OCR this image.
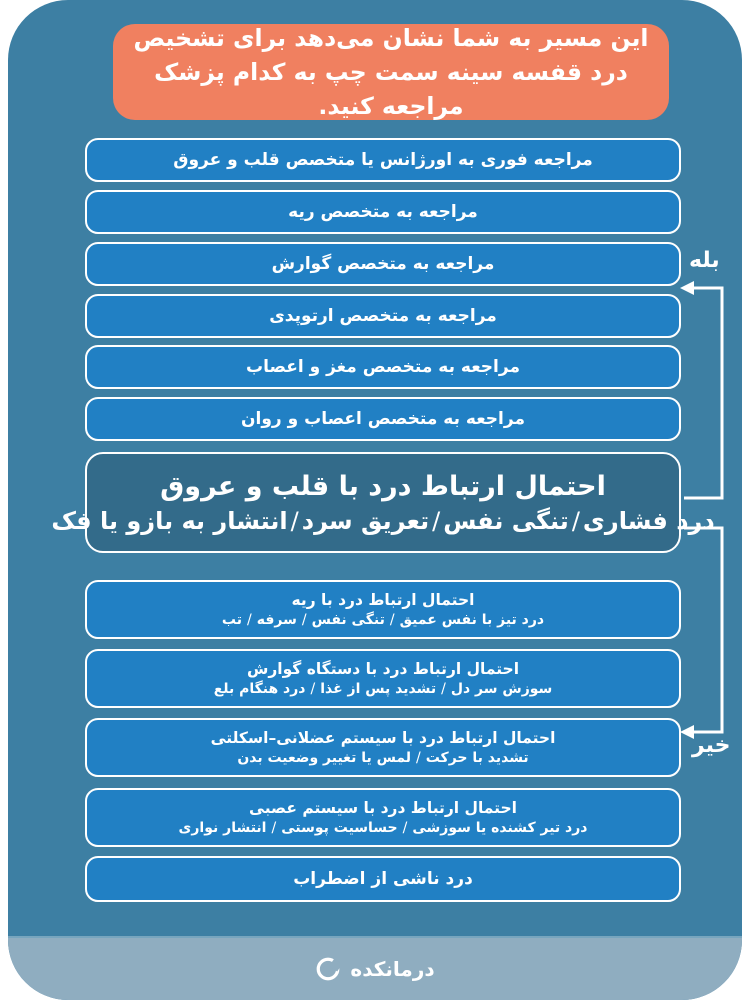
این مسیر به شما نشان می‌دهد برای تشخیص درد قفسه سینه سمت چپ به کدام پزشک مراجعه کنید.
مراجعه فوری به اورژانس یا متخصص قلب و عروق
مراجعه به متخصص ریه
مراجعه به متخصص گوارش
مراجعه به متخصص ارتوپدی
مراجعه به متخصص مغز و اعصاب
مراجعه به متخصص اعصاب و روان
احتمال ارتباط درد با قلب و عروق
درد فشاری/تنگی نفس/تعریق سرد/انتشار به بازو یا فک
احتمال ارتباط درد با ریه
درد تیز با نفس عمیق/تنگی نفس/سرفه/تب
احتمال ارتباط درد با دستگاه گوارش
سوزش سر دل/تشدید پس از غذا/درد هنگام بلع
احتمال ارتباط درد با سیستم عضلانی–اسکلتی
تشدید با حرکت/لمس یا تغییر وضعیت بدن
احتمال ارتباط درد با سیستم عصبی
درد تیر کشنده یا سوزشی/حساسیت پوستی/انتشار نواری
درد ناشی از اضطراب
بله
خیر
درمانکده
